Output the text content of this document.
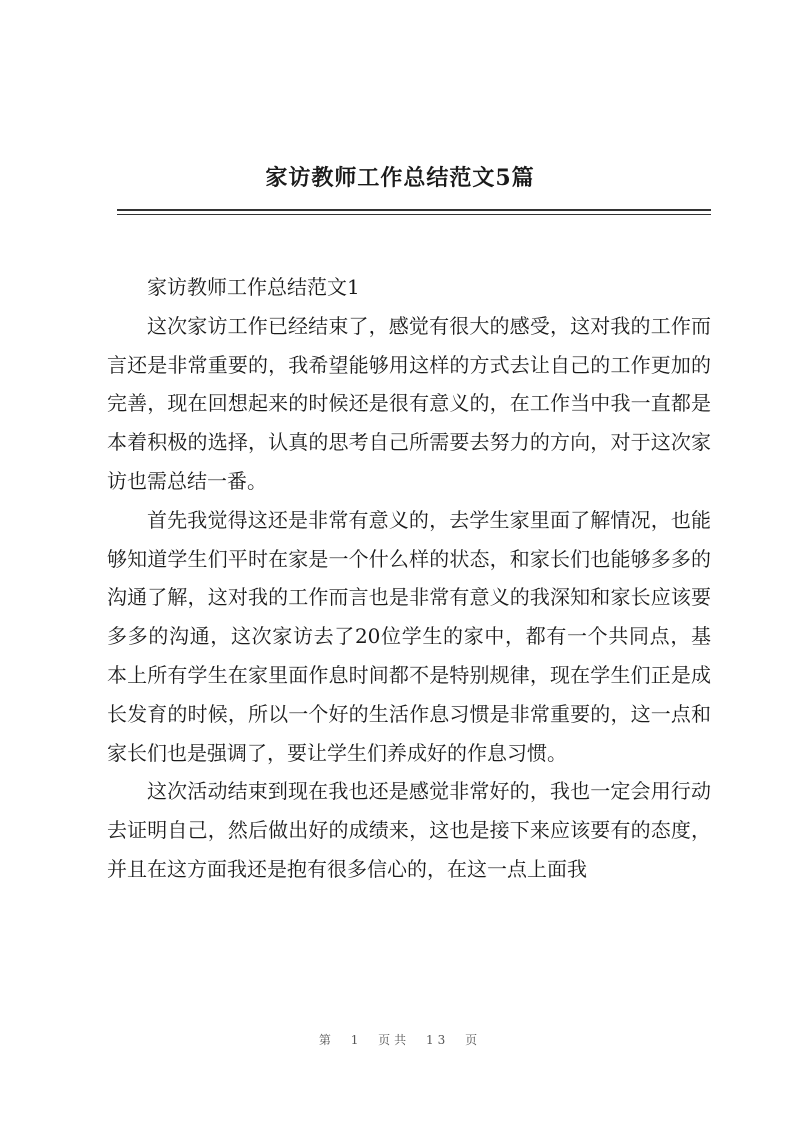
家访教师工作总结范文5篇

家访教师工作总结范文1

这次家访工作已经结束了，感觉有很大的感受，这对我的工作而言还是非常重要的，我希望能够用这样的方式去让自己的工作更加的完善，现在回想起来的时候还是很有意义的，在工作当中我一直都是本着积极的选择，认真的思考自己所需要去努力的方向，对于这次家访也需总结一番。

首先我觉得这还是非常有意义的，去学生家里面了解情况，也能够知道学生们平时在家是一个什么样的状态，和家长们也能够多多的沟通了解，这对我的工作而言也是非常有意义的我深知和家长应该要多多的沟通，这次家访去了20位学生的家中，都有一个共同点，基本上所有学生在家里面作息时间都不是特别规律，现在学生们正是成长发育的时候，所以一个好的生活作息习惯是非常重要的，这一点和家长们也是强调了，要让学生们养成好的作息习惯。

这次活动结束到现在我也还是感觉非常好的，我也一定会用行动去证明自己，然后做出好的成绩来，这也是接下来应该要有的态度，并且在这方面我还是抱有很多信心的，在这一点上面我

第 1 页共 13 页
